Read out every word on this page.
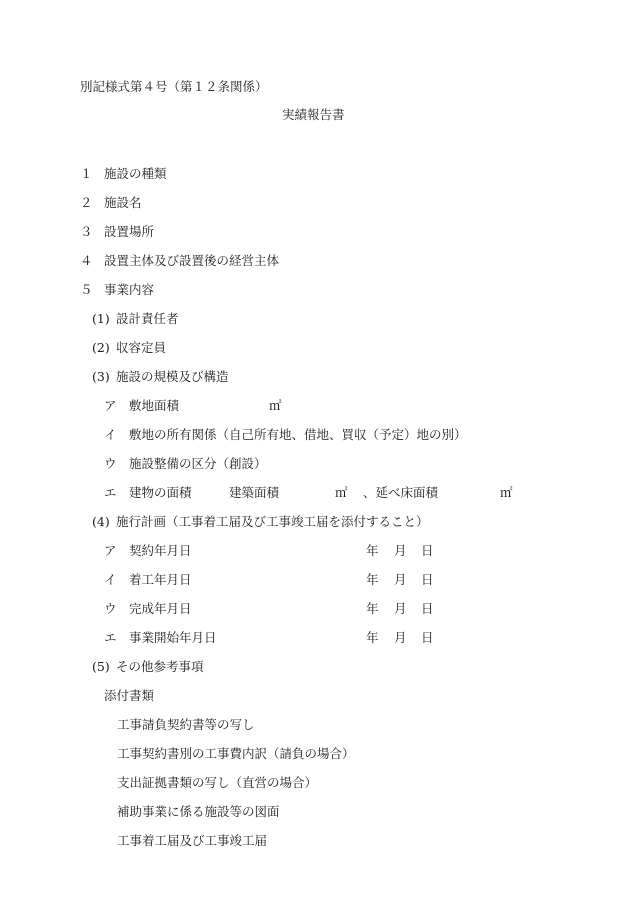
別記様式第４号（第１２条関係）
実績報告書
１ 施設の種類
２ 施設名
３ 設置場所
４ 設置主体及び設置後の経営主体
５ 事業内容
(1) 設計責任者
(2) 収容定員
(3) 施設の規模及び構造
ア 敷地面積	㎡
イ 敷地の所有関係（自己所有地、借地、買収（予定）地の別）
ウ 施設整備の区分（創設）
エ 建物の面積	建築面積	㎡ 、延べ床面積	㎡
(4) 施行計画（工事着工届及び工事竣工届を添付すること）
ア 契約年月日	年 月 日
イ 着工年月日	年 月 日
ウ 完成年月日	年 月 日
エ 事業開始年月日	年 月 日
(5) その他参考事項
添付書類
工事請負契約書等の写し
工事契約書別の工事費内訳（請負の場合）
支出証拠書類の写し（直営の場合）
補助事業に係る施設等の図面
工事着工届及び工事竣工届
